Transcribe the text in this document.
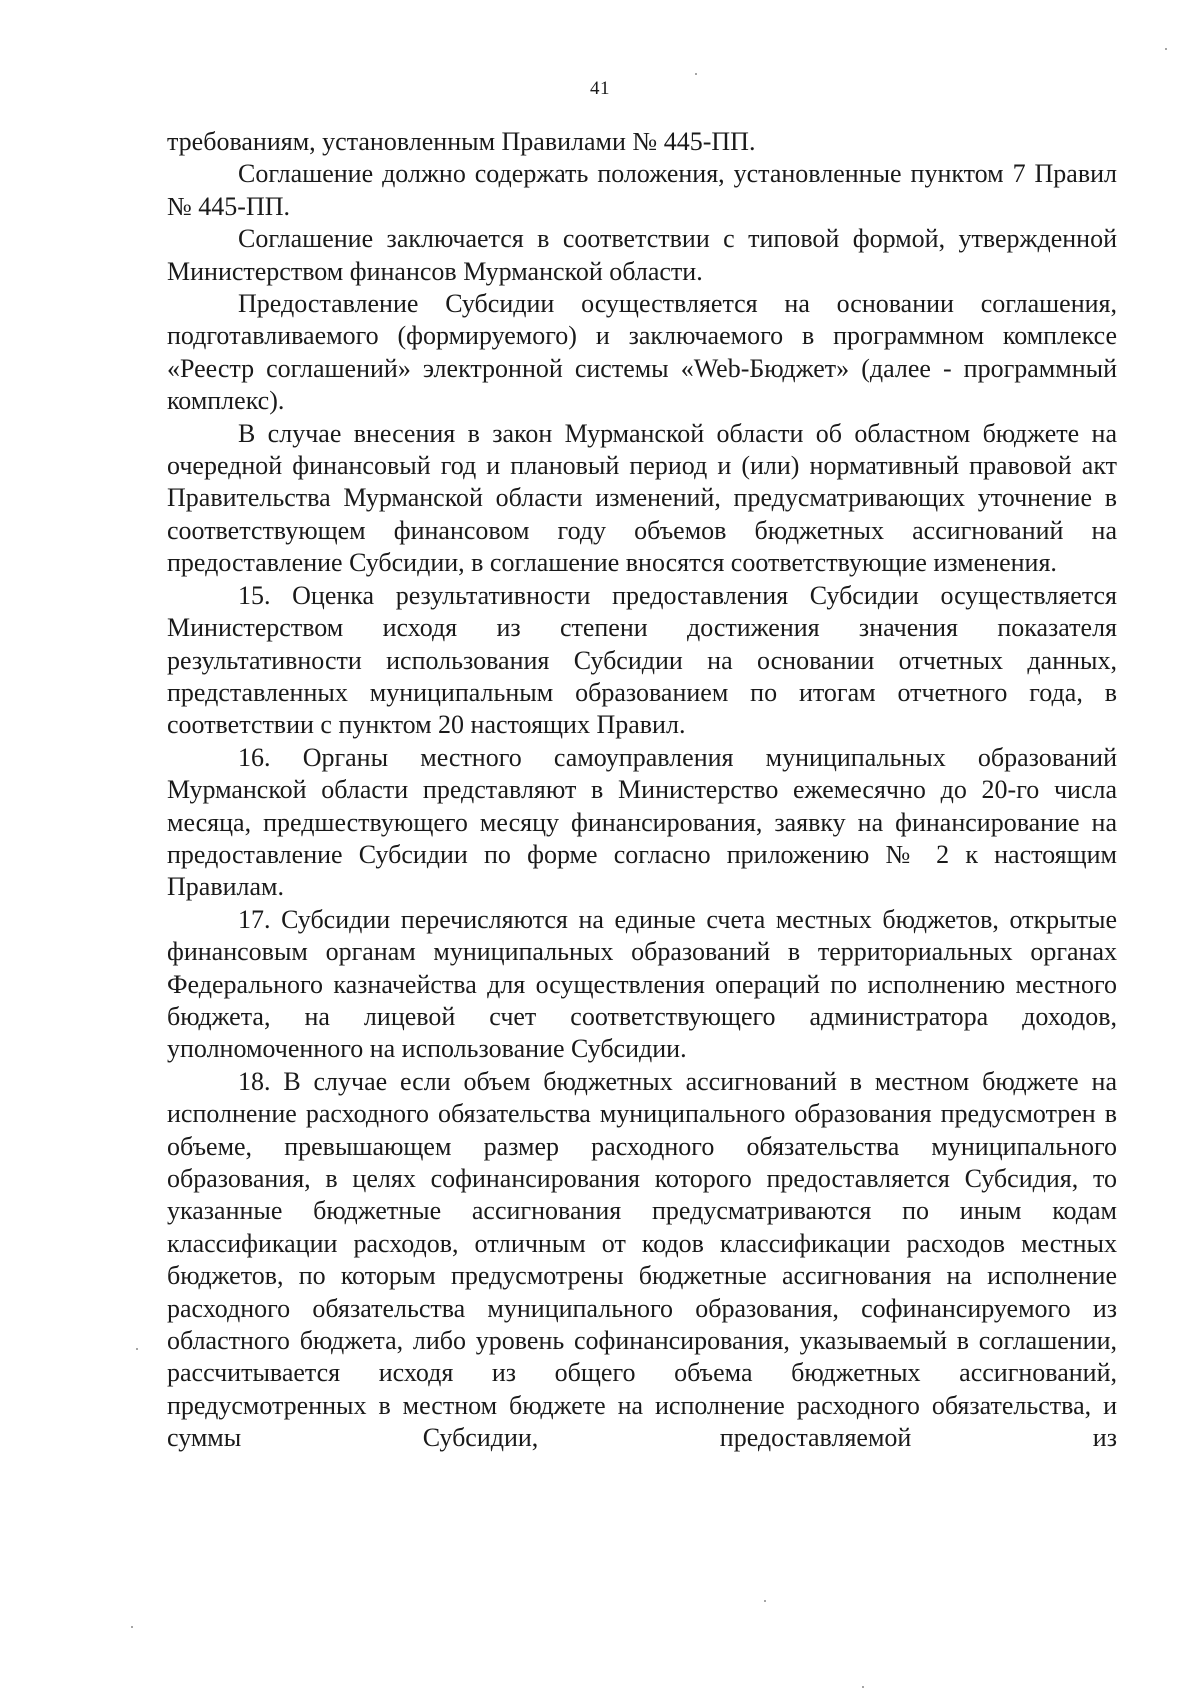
41

требованиям, установленным Правилами № 445-ПП.

Соглашение должно содержать положения, установленные пунктом 7 Правил № 445-ПП.

Соглашение заключается в соответствии с типовой формой, утвержденной Министерством финансов Мурманской области.

Предоставление Субсидии осуществляется на основании соглашения, подготавливаемого (формируемого) и заключаемого в программном комплексе «Реестр соглашений» электронной системы «Web-Бюджет» (далее - программный комплекс).

В случае внесения в закон Мурманской области об областном бюджете на очередной финансовый год и плановый период и (или) нормативный правовой акт Правительства Мурманской области изменений, предусматривающих уточнение в соответствующем финансовом году объемов бюджетных ассигнований на предоставление Субсидии, в соглашение вносятся соответствующие изменения.

15. Оценка результативности предоставления Субсидии осуществляется Министерством исходя из степени достижения значения показателя результативности использования Субсидии на основании отчетных данных, представленных муниципальным образованием по итогам отчетного года, в соответствии с пунктом 20 настоящих Правил.

16. Органы местного самоуправления муниципальных образований Мурманской области представляют в Министерство ежемесячно до 20-го числа месяца, предшествующего месяцу финансирования, заявку на финансирование на предоставление Субсидии по форме согласно приложению № 2 к настоящим Правилам.

17. Субсидии перечисляются на единые счета местных бюджетов, открытые финансовым органам муниципальных образований в территориальных органах Федерального казначейства для осуществления операций по исполнению местного бюджета, на лицевой счет соответствующего администратора доходов, уполномоченного на использование Субсидии.

18. В случае если объем бюджетных ассигнований в местном бюджете на исполнение расходного обязательства муниципального образования предусмотрен в объеме, превышающем размер расходного обязательства муниципального образования, в целях софинансирования которого предоставляется Субсидия, то указанные бюджетные ассигнования предусматриваются по иным кодам классификации расходов, отличным от кодов классификации расходов местных бюджетов, по которым предусмотрены бюджетные ассигнования на исполнение расходного обязательства муниципального образования, софинансируемого из областного бюджета, либо уровень софинансирования, указываемый в соглашении, рассчитывается исходя из общего объема бюджетных ассигнований, предусмотренных в местном бюджете на исполнение расходного обязательства, и суммы Субсидии, предоставляемой из
